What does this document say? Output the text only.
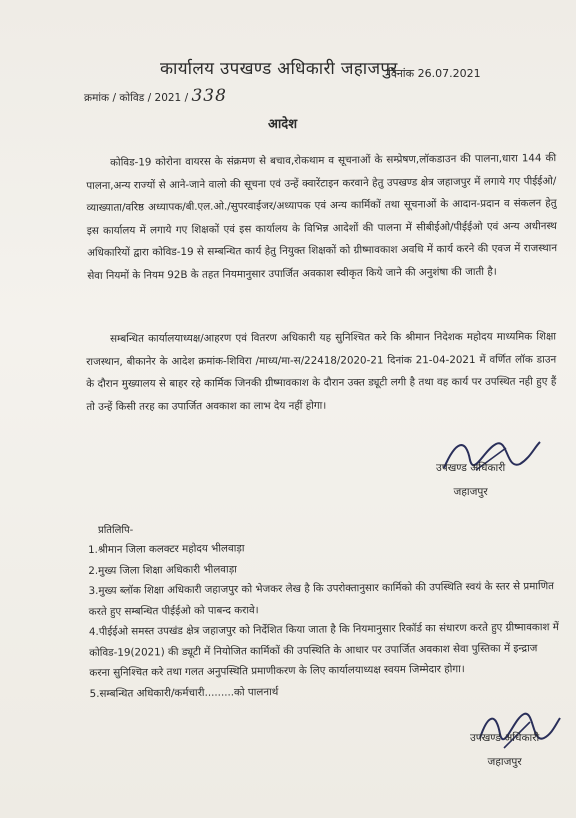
कार्यालय उपखण्ड अधिकारी जहाजपुर
दिनांक 26.07.2021
क्रमांक / कोविड / 2021 / 338
आदेश
कोविड-19 कोरोना वायरस के संक्रमण से बचाव,रोकथाम व सूचनाओं के सम्प्रेषण,लॉकडाउन की पालना,धारा 144 की पालना,अन्य राज्यों से आने-जाने वालो की सूचना एवं उन्हें क्वारेंटाइन करवाने हेतु उपखण्ड क्षेत्र जहाजपुर में लगाये गए पीईईओ/व्याख्याता/वरिष्ठ अध्यापक/बी.एल.ओ./सुपरवाईजर/अध्यापक एवं अन्य कार्मिकों तथा सूचनाओं के आदान-प्रदान व संकलन हेतु इस कार्यालय में लगाये गए शिक्षकों एवं इस कार्यालय के विभिन्न आदेशों की पालना में सीबीईओ/पीईईओ एवं अन्य अधीनस्थ अधिकारियों द्वारा कोविड-19 से सम्बन्धित कार्य हेतु नियुक्त शिक्षकों को ग्रीष्मावकाश अवधि में कार्य करने की एवज में राजस्थान सेवा नियमों के नियम 92B के तहत नियमानुसार उपार्जित अवकाश स्वीकृत किये जाने की अनुशंषा की जाती है।
सम्बन्धित कार्यालयाध्यक्ष/आहरण एवं वितरण अधिकारी यह सुनिश्चित करे कि श्रीमान निदेशक महोदय माध्यमिक शिक्षा राजस्थान, बीकानेर के आदेश क्रमांक-शिविरा /माध्य/मा-स/22418/2020-21 दिनांक 21-04-2021 में वर्णित लॉक डाउन के दौरान मुख्यालय से बाहर रहे कार्मिक जिनकी ग्रीष्मावकाश के दौरान उक्त ड्यूटी लगी है तथा वह कार्य पर उपस्थित नही हुए हैं तो उन्हें किसी तरह का उपार्जित अवकाश का लाभ देय नहीं होगा।
उपखण्ड अधिकारी
जहाजपुर
प्रतिलिपि-

1.श्रीमान जिला कलक्टर महोदय भीलवाड़ा

2.मुख्य जिला शिक्षा अधिकारी भीलवाड़ा

3.मुख्य ब्लॉक शिक्षा अधिकारी जहाजपुर को भेजकर लेख है कि उपरोक्तानुसार कार्मिको की उपस्थिति स्वयं के स्तर से प्रमाणित करते हुए सम्बन्धित पीईईओ को पाबन्द करावे।

4.पीईईओ समस्त उपखंड क्षेत्र जहाजपुर को निर्देशित किया जाता है कि नियमानुसार रिकॉर्ड का संधारण करते हुए ग्रीष्मावकाश में कोविड-19(2021) की ड्यूटी में नियोजित कार्मिकों की उपस्थिति के आधार पर उपार्जित अवकाश सेवा पुस्तिका में इन्द्राज करना सुनिश्चित करे तथा गलत अनुपस्थिति प्रमाणीकरण के लिए कार्यालयाध्यक्ष स्वयम जिम्मेदार होगा।

5.सम्बन्धित अधिकारी/कर्मचारी.........को पालनार्थ

उपखण्ड अधिकारी
जहाजपुर
